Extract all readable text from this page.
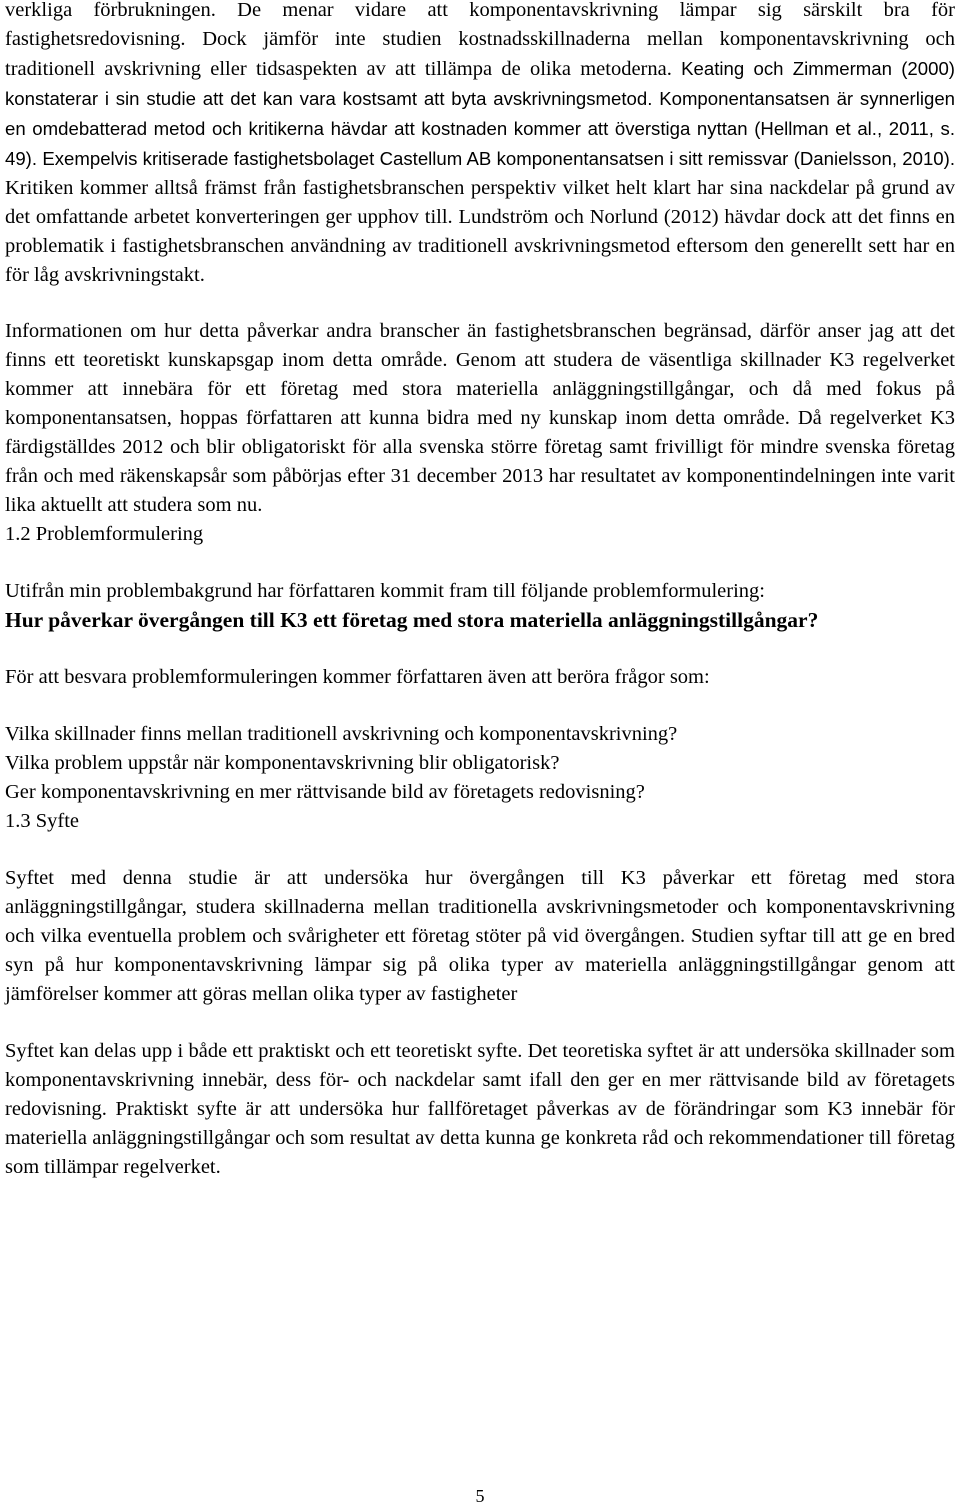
verkliga förbrukningen. De menar vidare att komponentavskrivning lämpar sig särskilt bra för fastighetsredovisning. Dock jämför inte studien kostnadsskillnaderna mellan komponentavskrivning och traditionell avskrivning eller tidsaspekten av att tillämpa de olika metoderna. Keating och Zimmerman (2000) konstaterar i sin studie att det kan vara kostsamt att byta avskrivningsmetod. Komponentansatsen är synnerligen en omdebatterad metod och kritikerna hävdar att kostnaden kommer att överstiga nyttan (Hellman et al., 2011, s. 49). Exempelvis kritiserade fastighetsbolaget Castellum AB komponentansatsen i sitt remissvar (Danielsson, 2010). Kritiken kommer alltså främst från fastighetsbranschen perspektiv vilket helt klart har sina nackdelar på grund av det omfattande arbetet konverteringen ger upphov till. Lundström och Norlund (2012) hävdar dock att det finns en problematik i fastighetsbranschen användning av traditionell avskrivningsmetod eftersom den generellt sett har en för låg avskrivningstakt.

Informationen om hur detta påverkar andra branscher än fastighetsbranschen begränsad, därför anser jag att det finns ett teoretiskt kunskapsgap inom detta område. Genom att studera de väsentliga skillnader K3 regelverket kommer att innebära för ett företag med stora materiella anläggningstillgångar, och då med fokus på komponentansatsen, hoppas författaren att kunna bidra med ny kunskap inom detta område. Då regelverket K3 färdigställdes 2012 och blir obligatoriskt för alla svenska större företag samt frivilligt för mindre svenska företag från och med räkenskapsår som påbörjas efter 31 december 2013 har resultatet av komponentindelningen inte varit lika aktuellt att studera som nu.

1.2 Problemformulering

Utifrån min problembakgrund har författaren kommit fram till följande problemformulering:

Hur påverkar övergången till K3 ett företag med stora materiella anläggningstillgångar?

För att besvara problemformuleringen kommer författaren även att beröra frågor som:

Vilka skillnader finns mellan traditionell avskrivning och komponentavskrivning?

Vilka problem uppstår när komponentavskrivning blir obligatorisk?

Ger komponentavskrivning en mer rättvisande bild av företagets redovisning?

1.3 Syfte

Syftet med denna studie är att undersöka hur övergången till K3 påverkar ett företag med stora anläggningstillgångar, studera skillnaderna mellan traditionella avskrivningsmetoder och komponentavskrivning och vilka eventuella problem och svårigheter ett företag stöter på vid övergången. Studien syftar till att ge en bred syn på hur komponentavskrivning lämpar sig på olika typer av materiella anläggningstillgångar genom att jämförelser kommer att göras mellan olika typer av fastigheter

Syftet kan delas upp i både ett praktiskt och ett teoretiskt syfte. Det teoretiska syftet är att undersöka skillnader som komponentavskrivning innebär, dess för- och nackdelar samt ifall den ger en mer rättvisande bild av företagets redovisning. Praktiskt syfte är att undersöka hur fallföretaget påverkas av de förändringar som K3 innebär för materiella anläggningstillgångar och som resultat av detta kunna ge konkreta råd och rekommendationer till företag som tillämpar regelverket.

5
